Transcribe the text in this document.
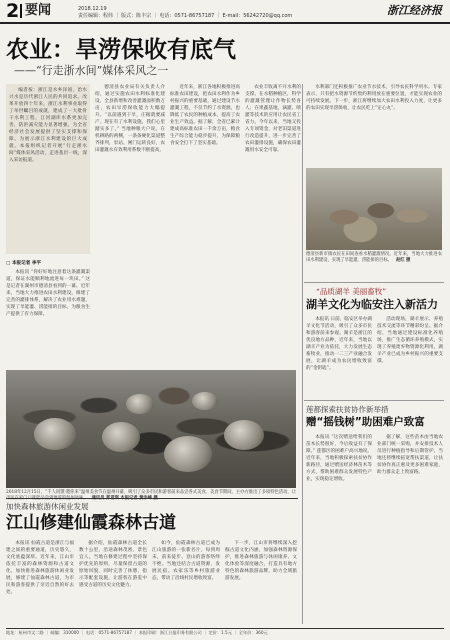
2 要闻	2018.12.19
责任编辑：程炜 ｜ 版式：陈丰宗 ｜ 电话：0571-86757187 ｜ E-mail：56242720@qq.com	浙江经济报
农业：旱涝保收有底气
——“行走浙水间”媒体采风之一

编者按：浙江是水乡泽国，治水兴水是历代浙江人民的共同追求。改革开放四十年来，浙江水利事业取得了举世瞩目的成就，建成了一大批骨干水利工程，江河湖库水系更加完善，防洪减灾能力显著增强，为全省经济社会发展提供了坚实支撑和保障。为展示浙江水利建设的巨大成就，本报组织记者开展“行走浙水间”媒体采风活动，走进基层一线，深入采访报道。

□ 本报记者 李平

本报讯 “你好好地注意着这条灌溉渠道，保证水能顺利地流进每一块田。” 这是记者在湖州市德清县看到的一幕。近年来，当地大力推进农田水利建设，修建了完善的灌排体系，解决了农业用水难题，实现了旱能灌、涝能排的目标，为粮食生产提供了有力保障。

德清县农业局有关负责人介绍，通过实施农田水利标准化建设，全县新增和改善灌溉面积数万亩，农田旱涝保收能力大幅提升。“以前遇到干旱，庄稼就要减产，现在有了水利设施，我们心里踏实多了。” 当地种粮大户说。在机耕路的两侧，一条条硬化渠道整齐排列，泵站、闸门运转良好，农田灌溉水有效利用系数不断提高。

近年来，浙江各地积极推进高标准农田建设，把农田水利作为乡村振兴的重要基础。通过建设节水灌溉工程，不仅节约了水资源，也降低了农民的种植成本，提高了农业生产效益。据了解，全省已累计建成高标准农田一千余万亩，粮食生产综合能力稳步提升，为保障粮食安全打下了坚实基础。

农业丰收离不开水利的支撑。在水稻种植区，科学的灌溉管理让作物长势喜人；在果蔬基地，滴灌、喷灌等技术的应用让农民省工省力。今年以来，当地又投入专项资金，对老旧渠道进行改造提升，进一步完善了农田灌排设施，确保农田灌溉用水安全可靠。

水利部门还积极推广农业节水技术，引导农民科学用水。专家表示，只有把水资源节约集约利用放在重要位置，才能实现农业的可持续发展。下一步，浙江将继续加大农田水利投入力度，让更多的农田实现旱涝保收，让农民吃上“定心丸”。

德清县新市镇农民在田间查看水稻灌溉情况。近年来，当地大力推进农田水利建设，实现了旱能灌、涝能排的目标。 赵红 摄
“品质湖羊 美丽畜牧”
湖羊文化为临安注入新活力

本报讯 日前，临安区举办湖羊文化节活动，吸引了众多市民和游客前来参观。湖羊是浙江的优良地方品种，近年来，当地以湖羊产业为依托，大力发展生态畜牧业，推动一二三产业融合发展，让湖羊成为农民增收致富的“金钥匙”。

活动现场，湖羊展示、养殖技术交流等环节精彩纷呈。据介绍，当地通过建设标准化养殖场，推广生态循环养殖模式，实现了养殖废弃物资源化利用，湖羊产业已成为乡村振兴的重要支撑。

莲都探索扶贫协作新举措
赠“摇钱树”助困难户致富

本报讯 “这次赠送给我们的苗木长势很好，今后收益有了保障。” 莲都区的困难户高兴地说。近年来，当地积极探索扶贫协作新路径，通过赠送经济林苗木等方式，帮助困难群众发展特色产业，实现稳定增收。

据了解，这些苗木由当地农业部门统一采购，并安排技术人员进行种植指导和后期管护。当地还将继续拓宽帮扶渠道，让扶贫协作真正惠及更多困难家庭，助力群众走上致富路。

2018年12月15日，“千人同馔·邀你来”温州美食节在温州开幕，吸引了众多市民和游客前来品尝各式美食。美食节期间，主办方推出了多项特色活动，让
加快森林旅游休闲业发展
江山修建仙霞森林古道

本报讯 仙霞古道是浙江与福建之间的重要通道，历史悠久，文化底蕴深厚。近年来，江山市依托丰富的森林资源和古道文化，加快推进森林旅游休闲业发展，修建了仙霞森林古道，为市民和游客提供了亲近自然的好去处。

据介绍，仙霞森林古道全长数十公里，沿途森林茂密、景色宜人。当地在修建过程中坚持保护优先的原则，尽量保留古道的原始风貌，同时完善了休憩、指示等配套设施，让游客在游览中感受古道的历史文化魅力。

如今，仙霞森林古道已成为江山旅游的一张新名片，每到周末，前来徒步、登山的游客络绎不绝。当地还结合古道资源，发展民宿、农家乐等乡村旅游业态，带动了沿线村民增收致富。

下一步，江山市将继续深入挖掘古道文化内涵，加强森林资源保护，推进森林旅游与休闲康养、文化体验等深度融合，打造具有地方特色的森林旅游品牌，助力全域旅游发展。

地址：杭州市文二路 ｜ 邮编：310000 ｜ 电话：0571-86757187 ｜ 本报印刷：浙江日报印务有限公司 ｜ 定价：1.5元 ｜ 全年价：360元
